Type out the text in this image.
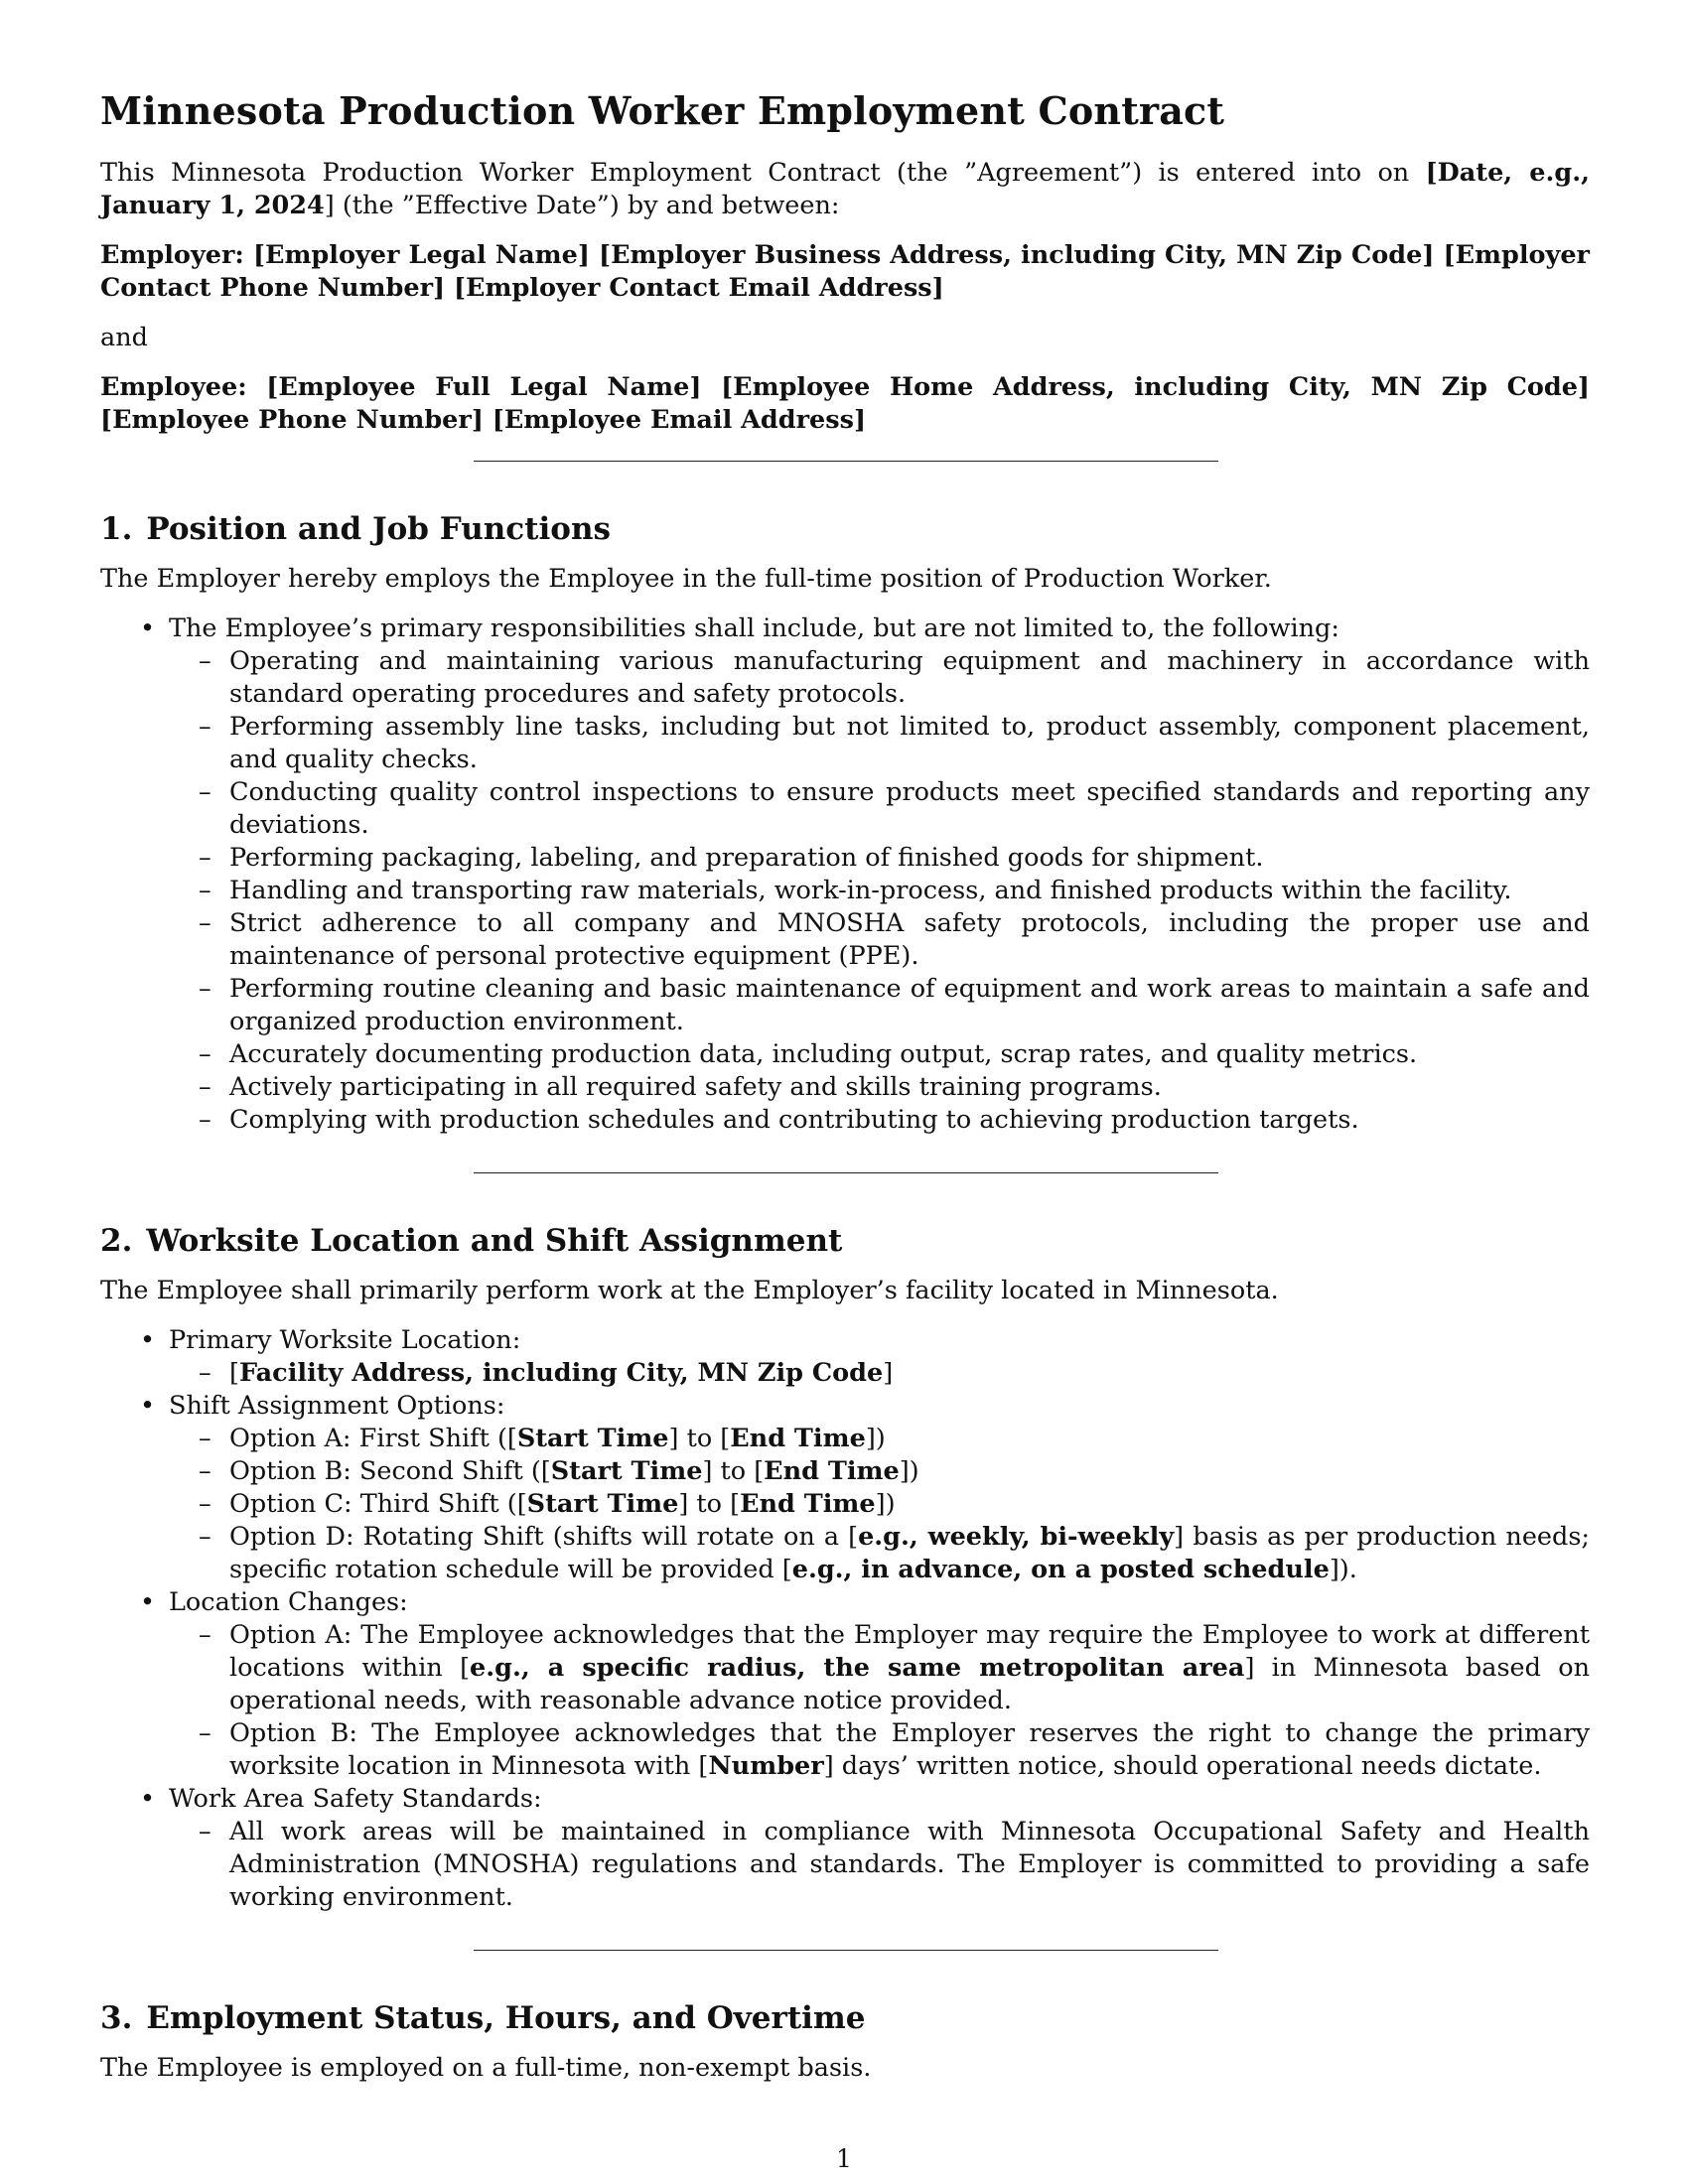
Minnesota Production Worker Employment Contract

This Minnesota Production Worker Employment Contract (the ”Agreement”) is entered into on [Date, e.g., January 1, 2024] (the ”Effective Date”) by and between:

Employer: [Employer Legal Name] [Employer Business Address, including City, MN Zip Code] [Employer Contact Phone Number] [Employer Contact Email Address]

and

Employee: [Employee Full Legal Name] [Employee Home Address, including City, MN Zip Code] [Employee Phone Number] [Employee Email Address]

1. Position and Job Functions

The Employer hereby employs the Employee in the full-time position of Production Worker.

• The Employee’s primary responsibilities shall include, but are not limited to, the following:
– Operating and maintaining various manufacturing equipment and machinery in accordance with standard operating procedures and safety protocols.
– Performing assembly line tasks, including but not limited to, product assembly, component placement, and quality checks.
– Conducting quality control inspections to ensure products meet specified standards and reporting any deviations.
– Performing packaging, labeling, and preparation of finished goods for shipment.
– Handling and transporting raw materials, work-in-process, and finished products within the facility.
– Strict adherence to all company and MNOSHA safety protocols, including the proper use and maintenance of personal protective equipment (PPE).
– Performing routine cleaning and basic maintenance of equipment and work areas to maintain a safe and organized production environment.
– Accurately documenting production data, including output, scrap rates, and quality metrics.
– Actively participating in all required safety and skills training programs.
– Complying with production schedules and contributing to achieving production targets.
2. Worksite Location and Shift Assignment

The Employee shall primarily perform work at the Employer’s facility located in Minnesota.

• Primary Worksite Location:
– [Facility Address, including City, MN Zip Code]
• Shift Assignment Options:
– Option A: First Shift ([Start Time] to [End Time])
– Option B: Second Shift ([Start Time] to [End Time])
– Option C: Third Shift ([Start Time] to [End Time])
– Option D: Rotating Shift (shifts will rotate on a [e.g., weekly, bi-weekly] basis as per production needs; specific rotation schedule will be provided [e.g., in advance, on a posted schedule]).
• Location Changes:
– Option A: The Employee acknowledges that the Employer may require the Employee to work at different locations within [e.g., a specific radius, the same metropolitan area] in Minnesota based on operational needs, with reasonable advance notice provided.
– Option B: The Employee acknowledges that the Employer reserves the right to change the primary worksite location in Minnesota with [Number] days’ written notice, should operational needs dictate.
• Work Area Safety Standards:
– All work areas will be maintained in compliance with Minnesota Occupational Safety and Health Administration (MNOSHA) regulations and standards. The Employer is committed to providing a safe working environment.
3. Employment Status, Hours, and Overtime

The Employee is employed on a full-time, non-exempt basis.

1
